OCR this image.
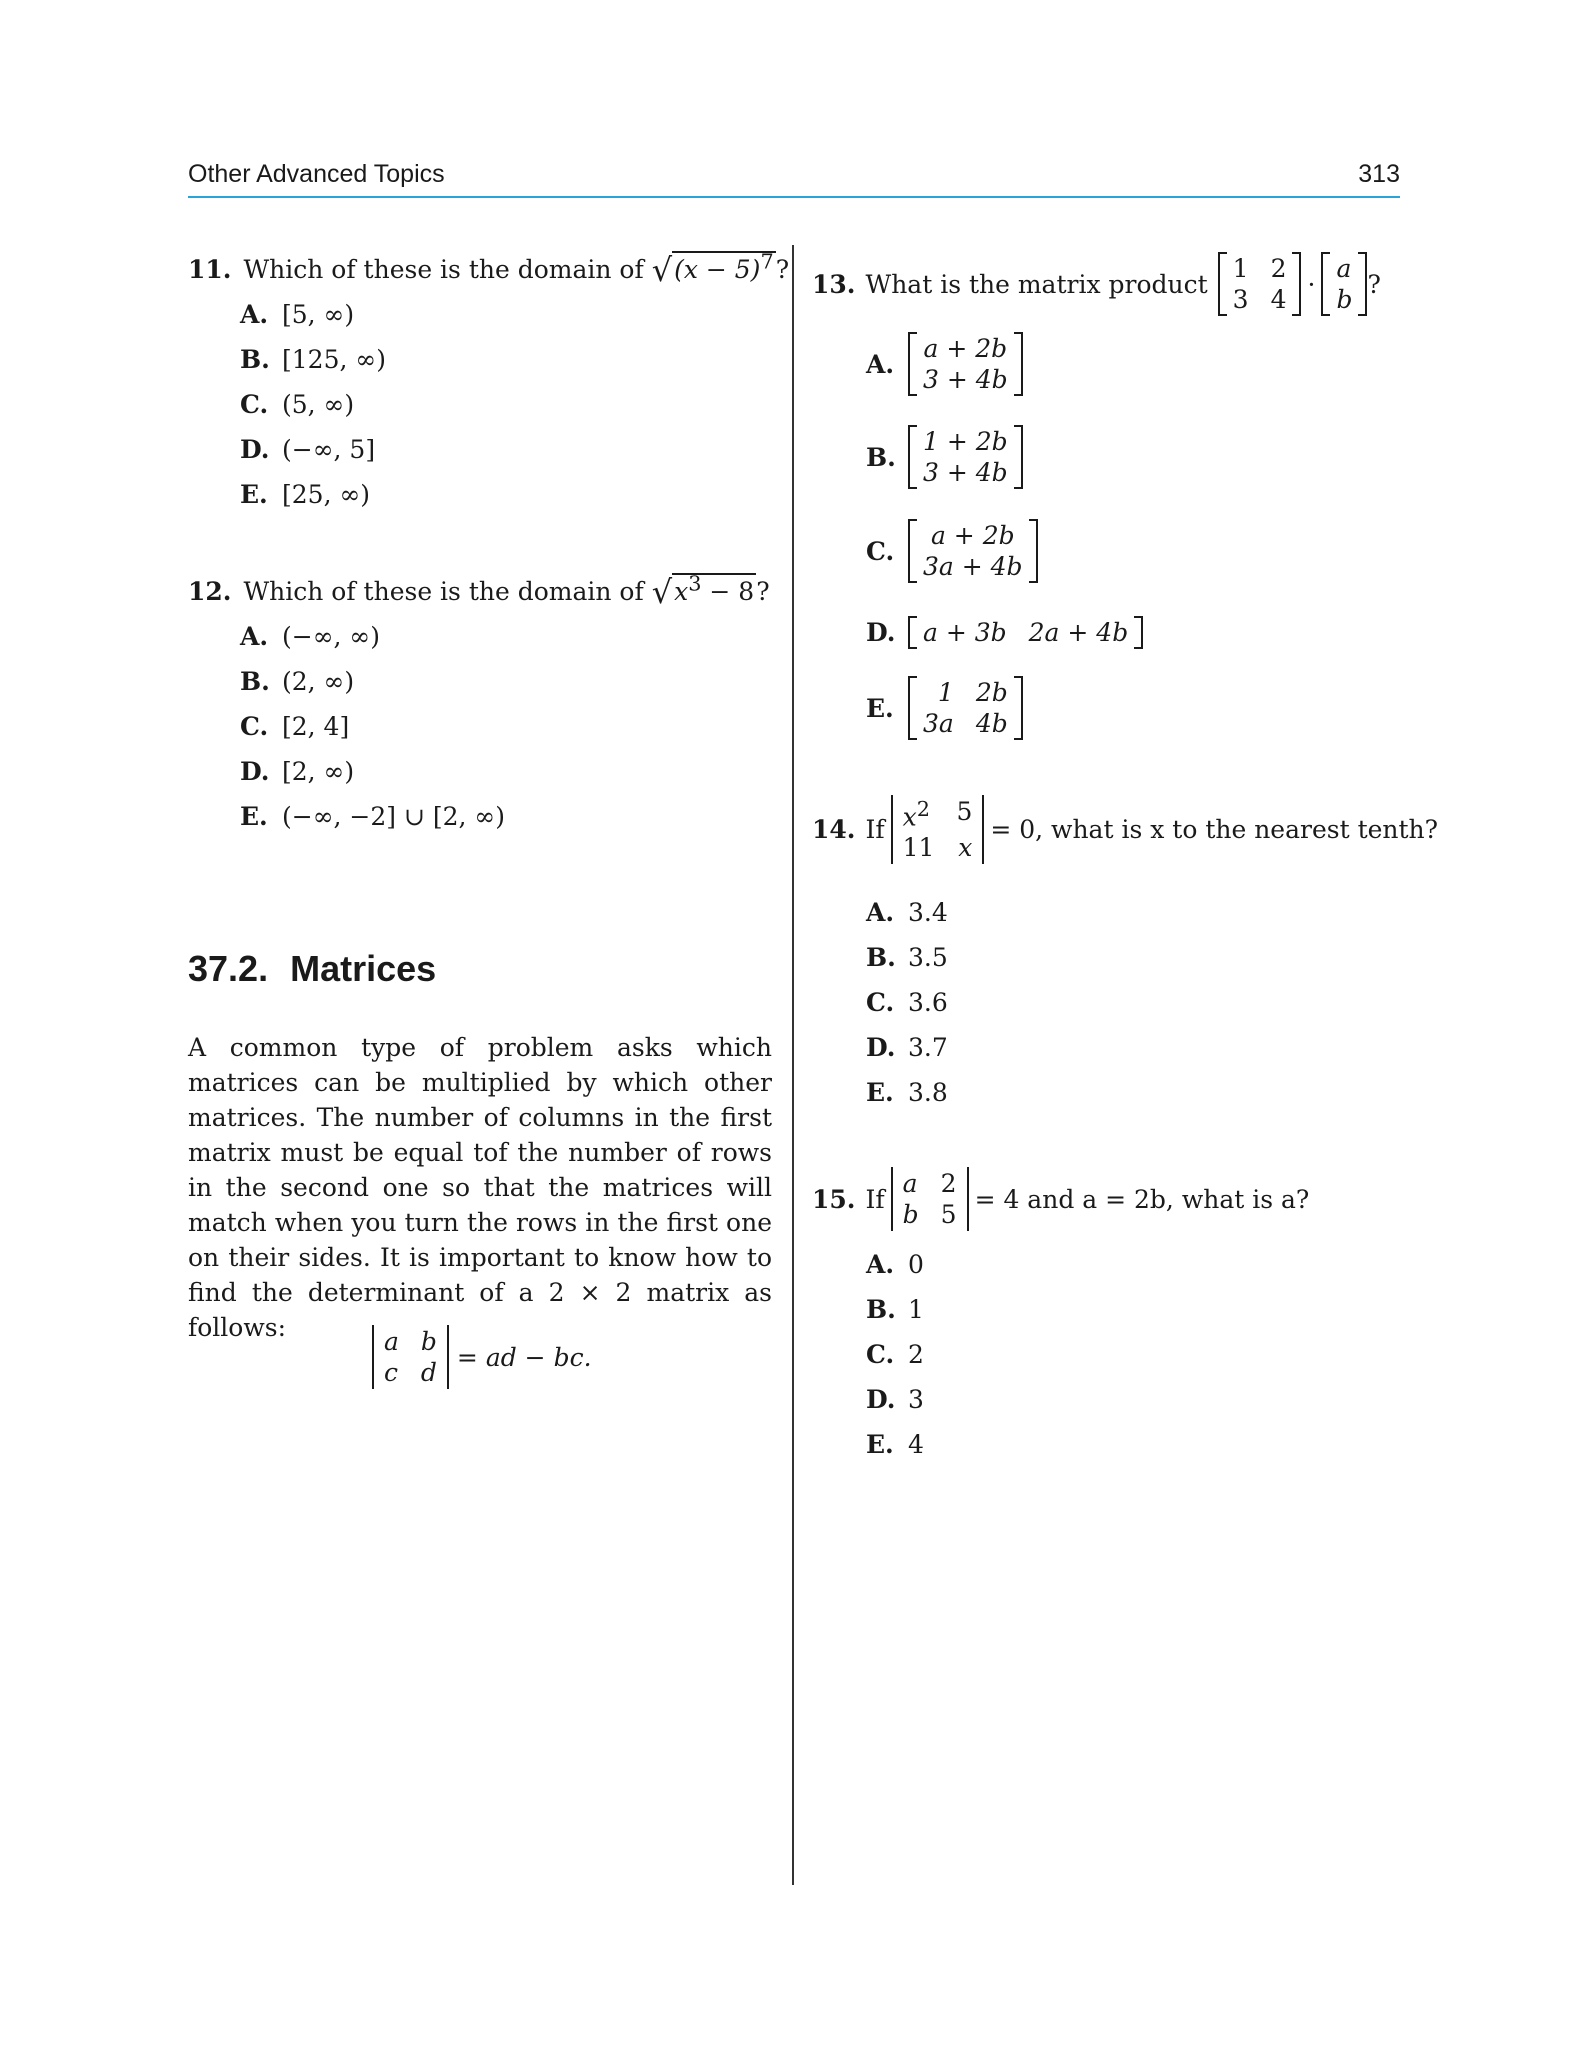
Other Advanced Topics	313
11. Which of these is the domain of $√(x - 5)^7$?
A. [5, ∞)
B. [125, ∞)
C. (5, ∞)
D. (−∞, 5]
E. [25, ∞)
12. Which of these is the domain of $√x^3 - 8$?
A. (−∞, ∞)
B. (2, ∞)
C. [2, 4]
D. [2, ∞)
E. (−∞, −2] ∪ [2, ∞)
37.2. Matrices
A common type of problem asks which matrices can be multiplied by which other matrices. The number of columns in the first matrix must be equal tof the number of rows in the second one so that the matrices will match when you turn the rows in the first one on their sides. It is important to know how to find the determinant of a 2 × 2 matrix as follows:	a b
c d
= ad − bc.
13. What is the matrix product
1 2
3 4
·
a
b
?
A.
a + 2b
3 + 4b
B.
1 + 2b
3 + 4b
C.
a + 2b
3a + 4b
D.	a + 3b 2a + 4b
E.
1 2b
3a 4b
14. If $x^2$ 5
11 x
= 0, what is x to the nearest tenth?
A. 3.4
B. 3.5
C. 3.6
D. 3.7
E. 3.8
15. If
a 2
b 5
= 4 and a = 2b, what is a?
A. 0
B. 1
C. 2
D. 3
E. 4
